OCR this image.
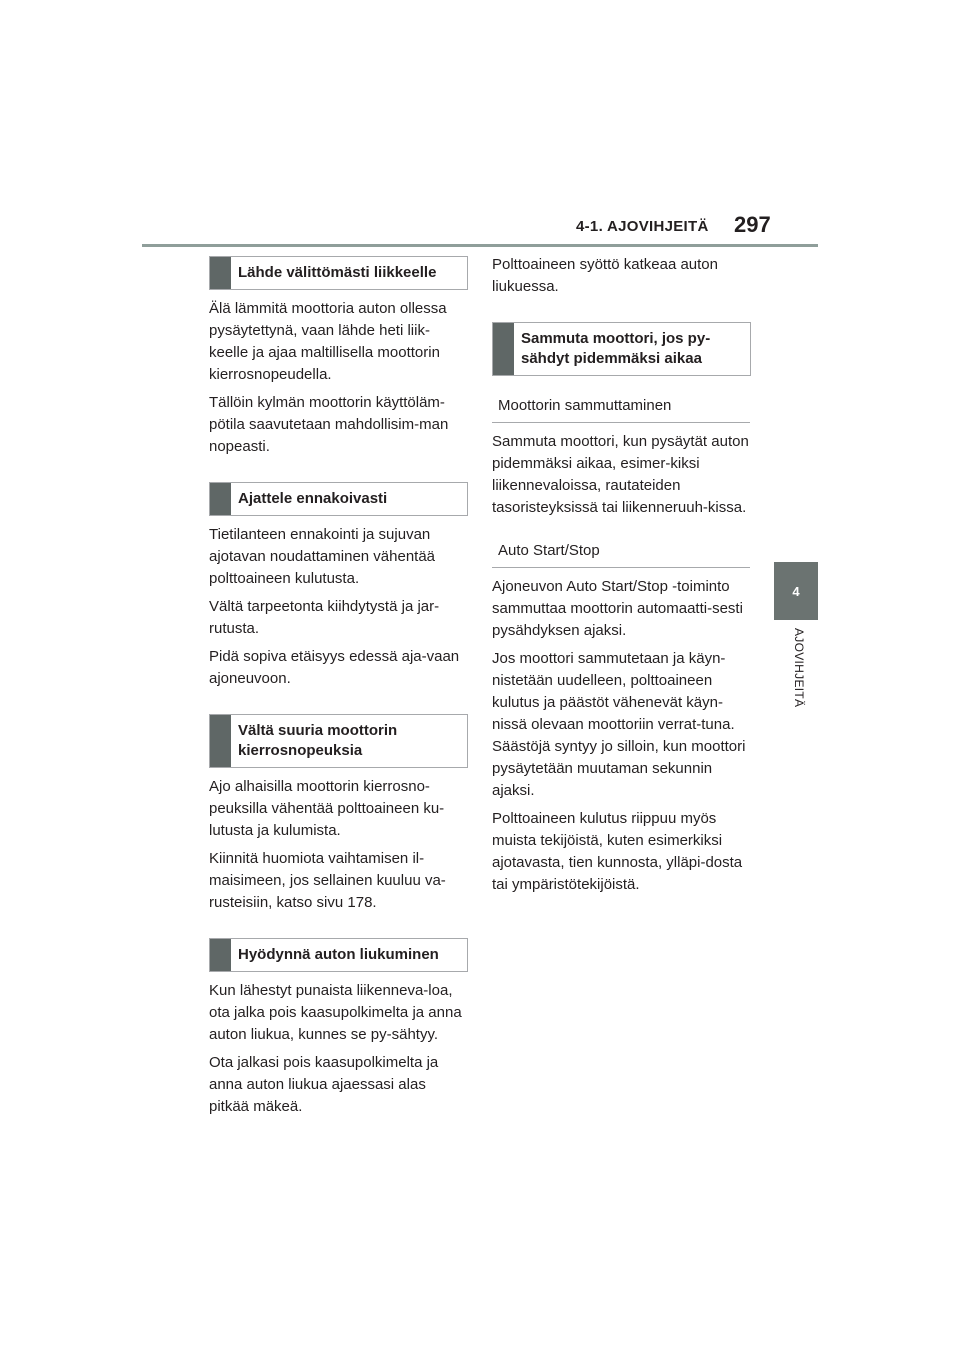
4-1. AJOVIHJEITÄ 297
4
AJOVIHJEITÄ
Lähde välittömästi liikkeelle

Älä lämmitä moottoria auton ollessa pysäytettynä, vaan lähde heti liik-keelle ja ajaa maltillisella moottorin kierrosnopeudella.

Tällöin kylmän moottorin käyttöläm-pötila saavutetaan mahdollisim-man nopeasti.

Ajattele ennakoivasti

Tietilanteen ennakointi ja sujuvan ajotavan noudattaminen vähentää polttoaineen kulutusta.

Vältä tarpeetonta kiihdytystä ja jar-rutusta.

Pidä sopiva etäisyys edessä aja-vaan ajoneuvoon.

Vältä suuria moottorin kierrosnopeuksia

Ajo alhaisilla moottorin kierrosno-peuksilla vähentää polttoaineen ku-lutusta ja kulumista.

Kiinnitä huomiota vaihtamisen il-maisimeen, jos sellainen kuuluu va-rusteisiin, katso sivu 178.

Hyödynnä auton liukuminen

Kun lähestyt punaista liikenneva-loa, ota jalka pois kaasupolkimelta ja anna auton liukua, kunnes se py-sähtyy.

Ota jalkasi pois kaasupolkimelta ja anna auton liukua ajaessasi alas pitkää mäkeä.

Polttoaineen syöttö katkeaa auton liukuessa.

Sammuta moottori, jos py-sähdyt pidemmäksi aikaa
Moottorin sammuttaminen

Sammuta moottori, kun pysäytät auton pidemmäksi aikaa, esimer-kiksi liikennevaloissa, rautateiden tasoristeyksissä tai liikenneruuh-kissa.

Auto Start/Stop

Ajoneuvon Auto Start/Stop -toiminto sammuttaa moottorin automaatti-sesti pysähdyksen ajaksi.

Jos moottori sammutetaan ja käyn-nistetään uudelleen, polttoaineen kulutus ja päästöt vähenevät käyn-nissä olevaan moottoriin verrat-tuna. Säästöjä syntyy jo silloin, kun moottori pysäytetään muutaman sekunnin ajaksi.

Polttoaineen kulutus riippuu myös muista tekijöistä, kuten esimerkiksi ajotavasta, tien kunnosta, ylläpi-dosta tai ympäristötekijöistä.
